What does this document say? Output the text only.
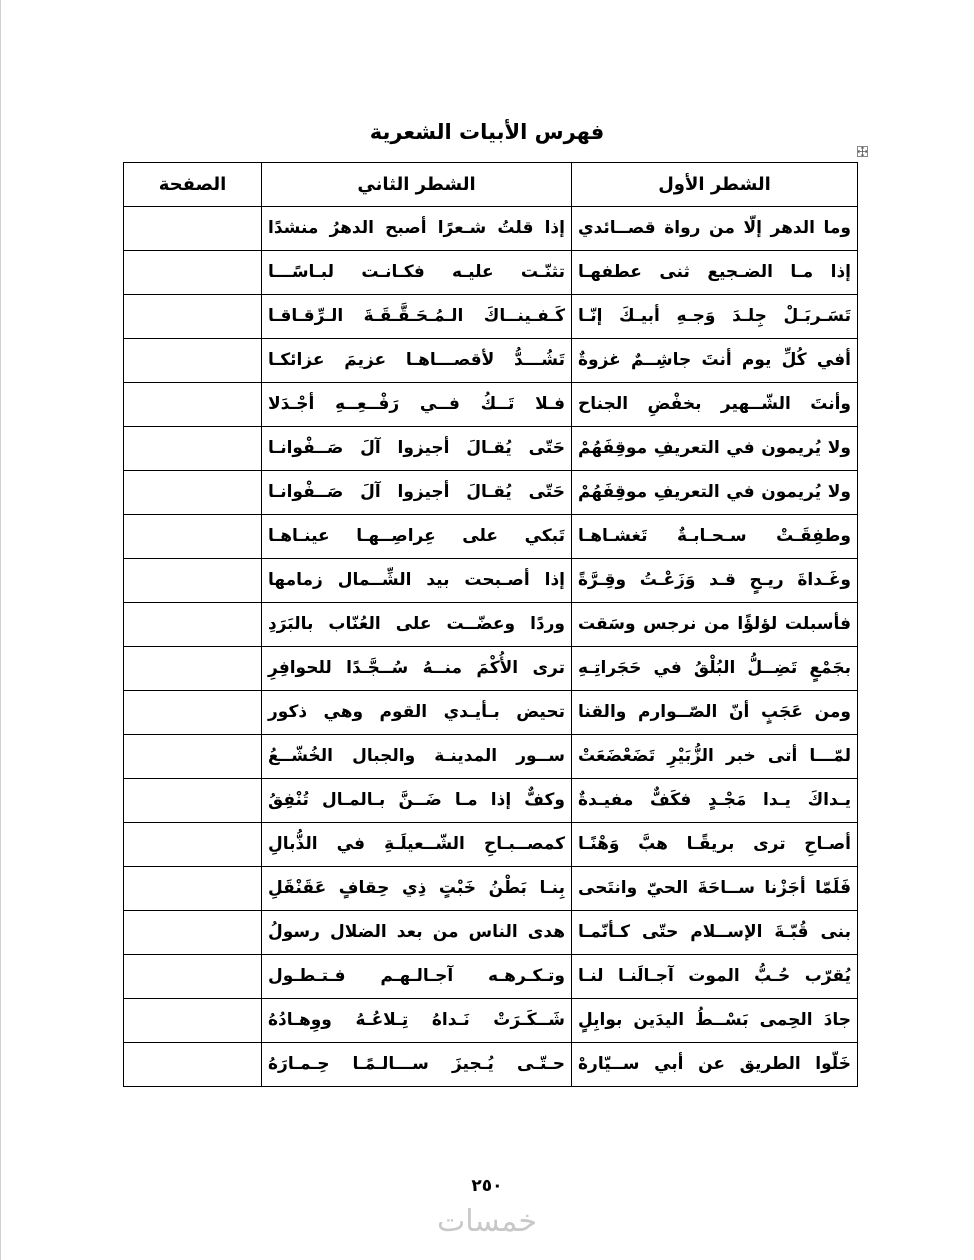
فهرس الأبيات الشعرية
الشطر الأول	الشطر الثاني	الصفحة
وما الدهر إلّا من رواة قصــائدي	إذا قلتُ شـعرًا أصبح الدهرُ منشدًا	
إذا مـا الضـجيع ثنى عطفهـا	تثنّـت عليـه فكـانـت لبـاسًـــا	
تَسَـربَـلْ جِلـدَ وَجـهِ أبيـكَ إنّـا	كَـفـينــاكَ الـمُـحَـقَّـقَـةَ الـرِّقـاقـا	
أفي كُلِّ يوم أنتَ جاشِــمٌ غزوةٌ	تَشُـــدُّ لأقصـــاهـا عزيمَ عزائكـا	
وأنتَ الشّــهير بخفْضِ الجناح	فـلا تَــكُ فــي رَفْــعِــهِ أجْـدَلا	
ولا يُريمون في التعريفِ موقِفَهُمْ	حَتّى يُقـالَ أجيزوا آلَ صَــفْوانـا	
ولا يُريمون في التعريفِ موقِفَهُمْ	حَتّى يُقـالَ أجيزوا آلَ صَــفْوانـا	
وطفِقَـتْ سـحـابـةٌ تَغشـاهـا	تَبكي على عِراصِــهـا عينـاهـا	
وغَـداةَ ريـحٍ قـد وَزَعْـتُ وقِـرَّةً	إذا أصـبحت بيد الشِّــمال زمامها	
فأسبلت لؤلؤًا من نرجس وسَقت	وردًا وعضّــت على العُنّاب بالبَرَدِ	
بجَمْعٍ تَضِــلُّ البُلْقُ في حَجَراتِـهِ	ترى الأُكْمَ منــهُ سُــجَّـدًا للحوافِرِ	
ومن عَجَبٍ أنّ الصّــوارم والقنا	تحيض بـأيـدي القوم وهي ذكور	
لمّـــا أتى خبر الزُّبَيْرِ تَضَعْضَعَتْ	ســور المدينـة والجبال الخُشّــعُ	
يـداكَ يـدا مَجْـدٍ فكَفٌّ مفيـدةٌ	وكفٌّ إذا مـا ضَــنَّ بـالمـال تُنْفِقُ	
أصـاحِ ترى بريقًـا هبَّ وَهْنًـا	كمصــبـاحِ الشّــعيلَـةِ في الذُّبالِ	
فَلَمّا أجَزْنا ســاحَةَ الحيّ وانتَحى	بِنـا بَطْنُ خَبْتٍ ذِي حِقافٍ عَقَنْقَلِ	
بنى قُبّـةَ الإســلام حتّى كـأنّمـا	هدى الناس من بعد الضلال رسولُ	
يُقرّب حُـبُّ الموت آجـالَنـا لنـا	وتـكـرهـه آجـالـهـم فـتـطـول	
جادَ الحِمى بَسْــطُ اليدَين بوابِلٍ	شَــكَـرَتْ نَـداهُ تِـلاعُـهُ ووِهـادُهُ	
خَلّوا الطريق عن أبي ســيّارهْ	حـتّـى يُـجيزَ ســـالـمًـا حِـمـارَهُ	
٢٥٠
خمسات
